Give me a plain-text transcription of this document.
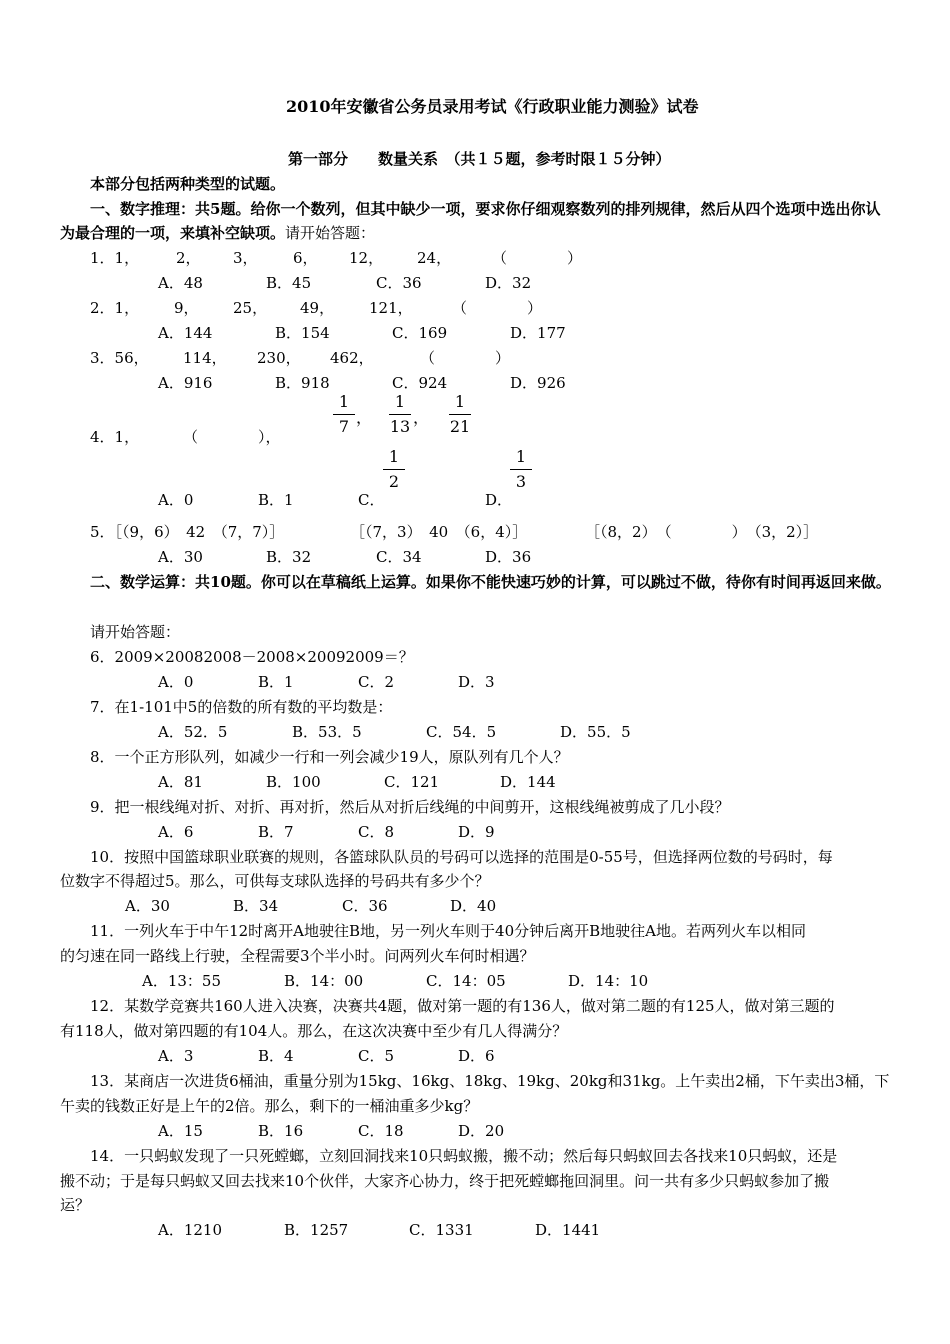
2010年安徽省公务员录用考试《行政职业能力测验》试卷
第一部分　　数量关系　（共１５题，参考时限１５分钟）
本部分包括两种类型的试题。
一、数字推理：共5题。给你一个数列，但其中缺少一项，要求你仔细观察数列的排列规律，然后从四个选项中选出你认为最合理的一项，来填补空缺项。请开始答题：
1．1， 2， 3， 6， 12， 24，	（　　　　）
A．48	B．45	C．36	D．32
2．1， 9， 25， 49， 121，	（　　　　）
A．144	B．154	C．169	D．177
3．56， 114， 230， 462，	（　　　　）
A．916	B．918	C．924	D．926
4．1，	（　　　　），
$\frac{1}{7}$ ， $\frac{1}{13}$ ， $\frac{1}{21}$
$\frac{1}{2}$	$\frac{1}{3}$
A．0	B．1	C．	D．
5．［（9，6）　42　（7，7）］	［（7，3）　40　（6，4）］	［（8，2）　（　　　　）　（3，2）］
A．30	B．32	C．34	D．36
二、数学运算：共10题。你可以在草稿纸上运算。如果你不能快速巧妙的计算，可以跳过不做，待你有时间再返回来做。
请开始答题：
6．2009×20082008－2008×20092009＝？
A．0	B．1	C．2	D．3
7．在1-101中5的倍数的所有数的平均数是：
A．52．5	B．53．5	C．54．5	D．55．5
8．一个正方形队列，如减少一行和一列会减少19人，原队列有几个人？
A．81	B．100	C．121	D．144
9．把一根线绳对折、对折、再对折，然后从对折后线绳的中间剪开，这根线绳被剪成了几小段？
A．6	B．7	C．8	D．9
10．按照中国篮球职业联赛的规则，各篮球队队员的号码可以选择的范围是0-55号，但选择两位数的号码时，每
位数字不得超过5。那么，可供每支球队选择的号码共有多少个？
A．30	B．34	C．36	D．40
11．一列火车于中午12时离开A地驶往B地，另一列火车则于40分钟后离开B地驶往A地。若两列火车以相同
的匀速在同一路线上行驶，全程需要3个半小时。问两列火车何时相遇？
A．13：55	B．14：00	C．14：05	D．14：10
12．某数学竞赛共160人进入决赛，决赛共4题，做对第一题的有136人，做对第二题的有125人，做对第三题的
有118人，做对第四题的有104人。那么，在这次决赛中至少有几人得满分？
A．3	B．4	C．5	D．6
13．某商店一次进货6桶油，重量分别为15kg、16kg、18kg、19kg、20kg和31kg。上午卖出2桶，下午卖出3桶，下
午卖的钱数正好是上午的2倍。那么，剩下的一桶油重多少kg？
A．15	B．16	C．18	D．20
14．一只蚂蚁发现了一只死螳螂，立刻回洞找来10只蚂蚁搬，搬不动；然后每只蚂蚁回去各找来10只蚂蚁，还是
搬不动；于是每只蚂蚁又回去找来10个伙伴，大家齐心协力，终于把死螳螂拖回洞里。问一共有多少只蚂蚁参加了搬
运？
A．1210	B．1257	C．1331	D．1441
